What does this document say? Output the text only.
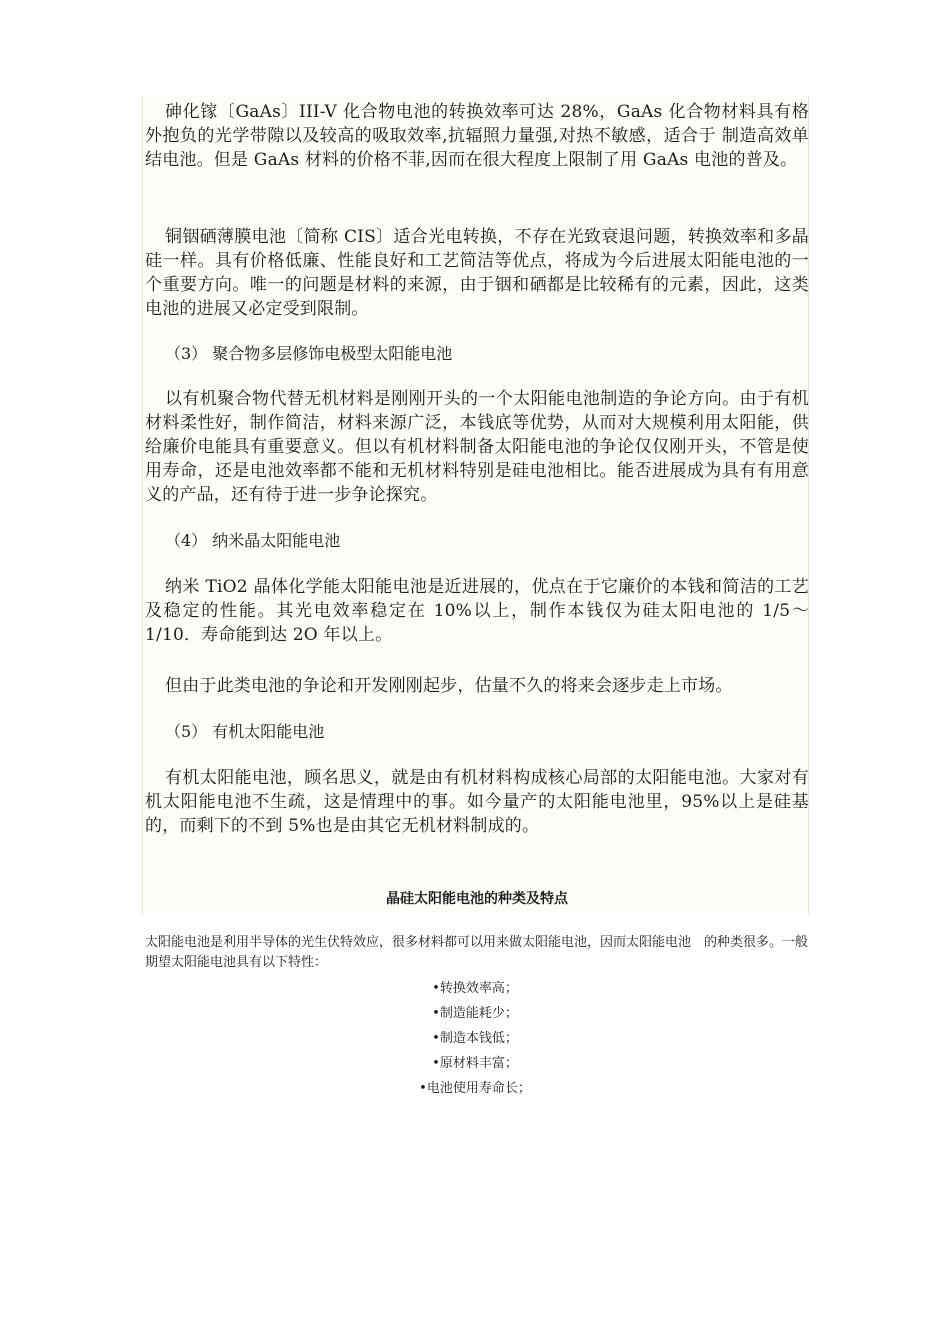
砷化镓〔GaAs〕III-V 化合物电池的转换效率可达 28%，GaAs 化合物材料具有格外抱负的光学带隙以及较高的吸取效率,抗辐照力量强,对热不敏感，适合于 制造高效单结电池。但是 GaAs 材料的价格不菲,因而在很大程度上限制了用 GaAs 电池的普及。

铜铟硒薄膜电池〔简称 CIS〕适合光电转换，不存在光致衰退问题，转换效率和多晶硅一样。具有价格低廉、性能良好和工艺简洁等优点，将成为今后进展太阳能电池的一个重要方向。唯一的问题是材料的来源，由于铟和硒都是比较稀有的元素，因此，这类电池的进展又必定受到限制。

（3） 聚合物多层修饰电极型太阳能电池

以有机聚合物代替无机材料是刚刚开头的一个太阳能电池制造的争论方向。由于有机材料柔性好，制作简洁，材料来源广泛，本钱底等优势，从而对大规模利用太阳能，供给廉价电能具有重要意义。但以有机材料制备太阳能电池的争论仅仅刚开头，不管是使用寿命，还是电池效率都不能和无机材料特别是硅电池相比。能否进展成为具有有用意义的产品，还有待于进一步争论探究。

（4） 纳米晶太阳能电池

纳米 TiO2 晶体化学能太阳能电池是近进展的，优点在于它廉价的本钱和简洁的工艺及稳定的性能。其光电效率稳定在 10%以上，制作本钱仅为硅太阳电池的 1/5～1/10．寿命能到达 2O 年以上。

但由于此类电池的争论和开发刚刚起步，估量不久的将来会逐步走上市场。

（5） 有机太阳能电池

有机太阳能电池，顾名思义，就是由有机材料构成核心局部的太阳能电池。大家对有机太阳能电池不生疏，这是情理中的事。如今量产的太阳能电池里，95%以上是硅基的，而剩下的不到 5%也是由其它无机材料制成的。

晶硅太阳能电池的种类及特点

太阳能电池是利用半导体的光生伏特效应，很多材料都可以用来做太阳能电池，因而太阳能电池　的种类很多。一般期望太阳能电池具有以下特性：

•转换效率高；
•制造能耗少；
•制造本钱低；
•原材料丰富；
•电池使用寿命长；
